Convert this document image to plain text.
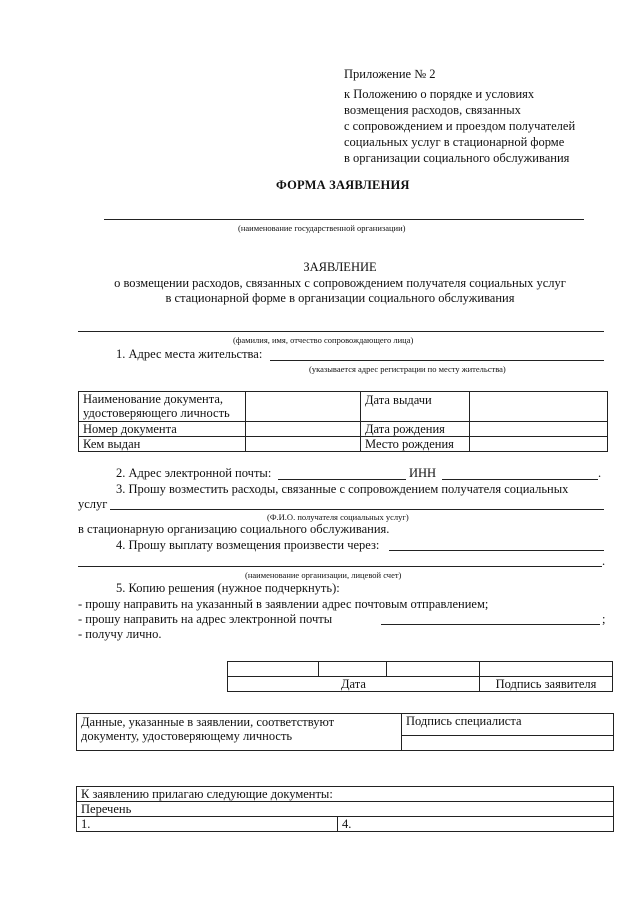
Приложение № 2
к Положению о порядке и условиях
возмещения расходов, связанных
с сопровождением и проездом получателей
социальных услуг в стационарной форме
в организации социального обслуживания
ФОРМА ЗАЯВЛЕНИЯ
(наименование государственной организации)
ЗАЯВЛЕНИЕ
о возмещении расходов, связанных с сопровождением получателя социальных услуг
в стационарной форме в организации социального обслуживания
(фамилия, имя, отчество сопровождающего лица)
1. Адрес места жительства:
(указывается адрес регистрации по месту жительства)
Наименование документа,
удостоверяющего личность		Дата выдачи	
Номер документа		Дата рождения	
Кем выдан		Место рождения	
2. Адрес электронной почты:	ИНН	.
3. Прошу возместить расходы, связанные с сопровождением получателя социальных
услуг
(Ф.И.О. получателя социальных услуг)
в стационарную организацию социального обслуживания.
4. Прошу выплату возмещения произвести через:
.
(наименование организации, лицевой счет)
5. Копию решения (нужное подчеркнуть):
- прошу направить на указанный в заявлении адрес почтовым отправлением;
- прошу направить на адрес электронной почты	;
- получу лично.

Дата			Подпись заявителя
Данные, указанные в заявлении, соответствуют
документу, удостоверяющему личность	Подпись специалиста

К заявлению прилагаю следующие документы:
Перечень
1.	4.
